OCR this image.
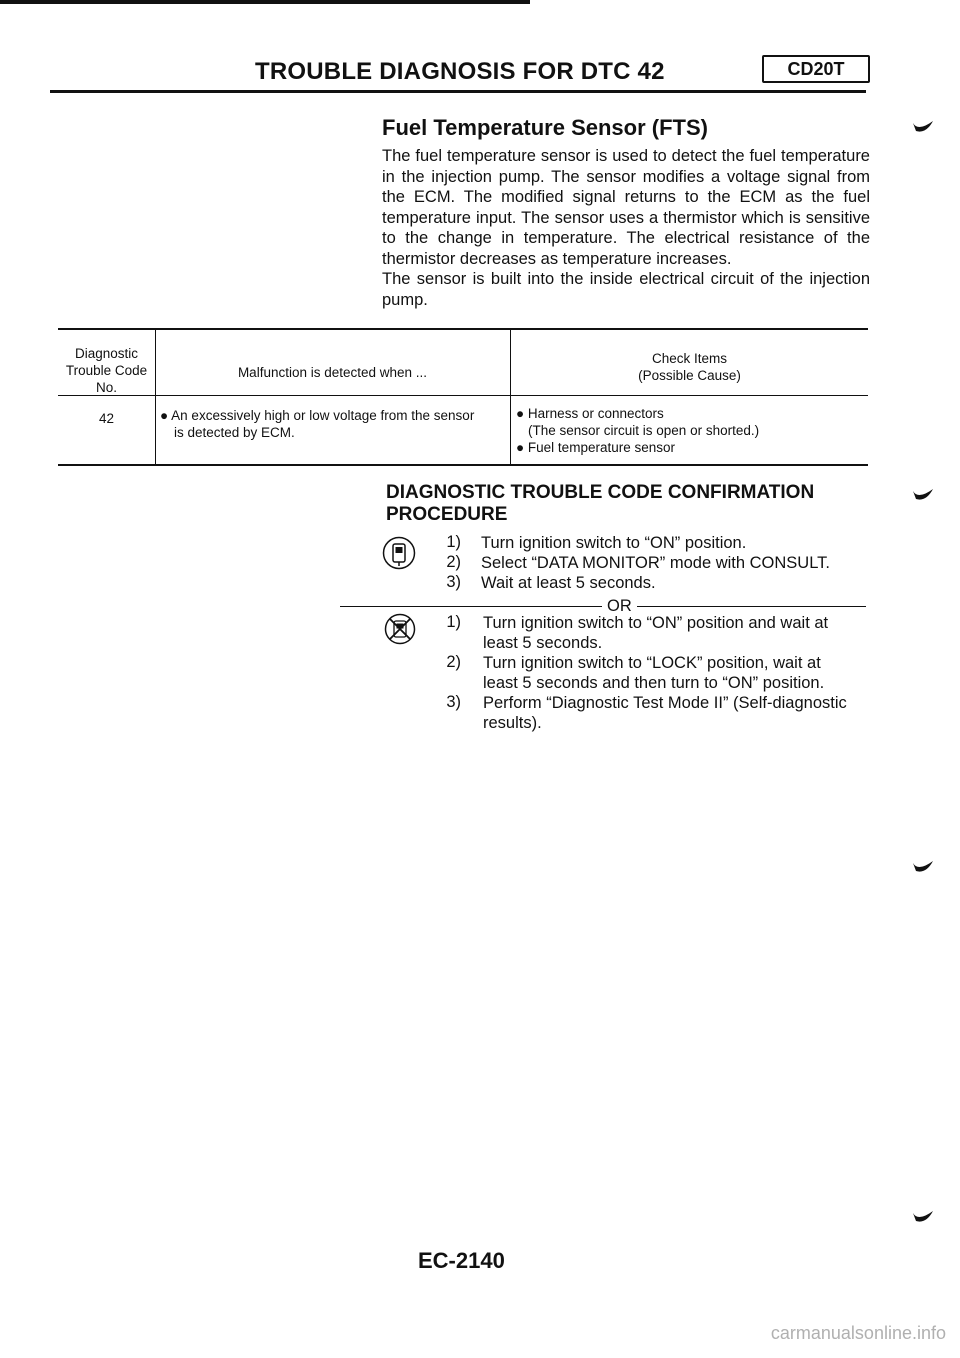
TROUBLE DIAGNOSIS FOR DTC 42	CD20T
Fuel Temperature Sensor (FTS)

The fuel temperature sensor is used to detect the fuel temperature in the injection pump. The sensor modifies a voltage signal from the ECM. The modified signal returns to the ECM as the fuel temperature input. The sensor uses a thermistor which is sensitive to the change in temperature. The electrical resistance of the thermistor decreases as temperature increases.

The sensor is built into the inside electrical circuit of the injection pump.

Diagnostic
Trouble Code
No.
Malfunction is detected when ...
Check Items
(Possible Cause)
42	● An excessively high or low voltage from the sensor
is detected by ECM.
● Harness or connectors
(The sensor circuit is open or shorted.)
● Fuel temperature sensor
DIAGNOSTIC TROUBLE CODE CONFIRMATION
PROCEDURE
1) Turn ignition switch to “ON” position.
2) Select “DATA MONITOR” mode with CONSULT.
3) Wait at least 5 seconds.
OR
1) Turn ignition switch to “ON” position and wait at
least 5 seconds.
2) Turn ignition switch to “LOCK” position, wait at
least 5 seconds and then turn to “ON” position.
3) Perform “Diagnostic Test Mode II” (Self-diagnostic
results).
EC-2140
carmanualsonline.info
